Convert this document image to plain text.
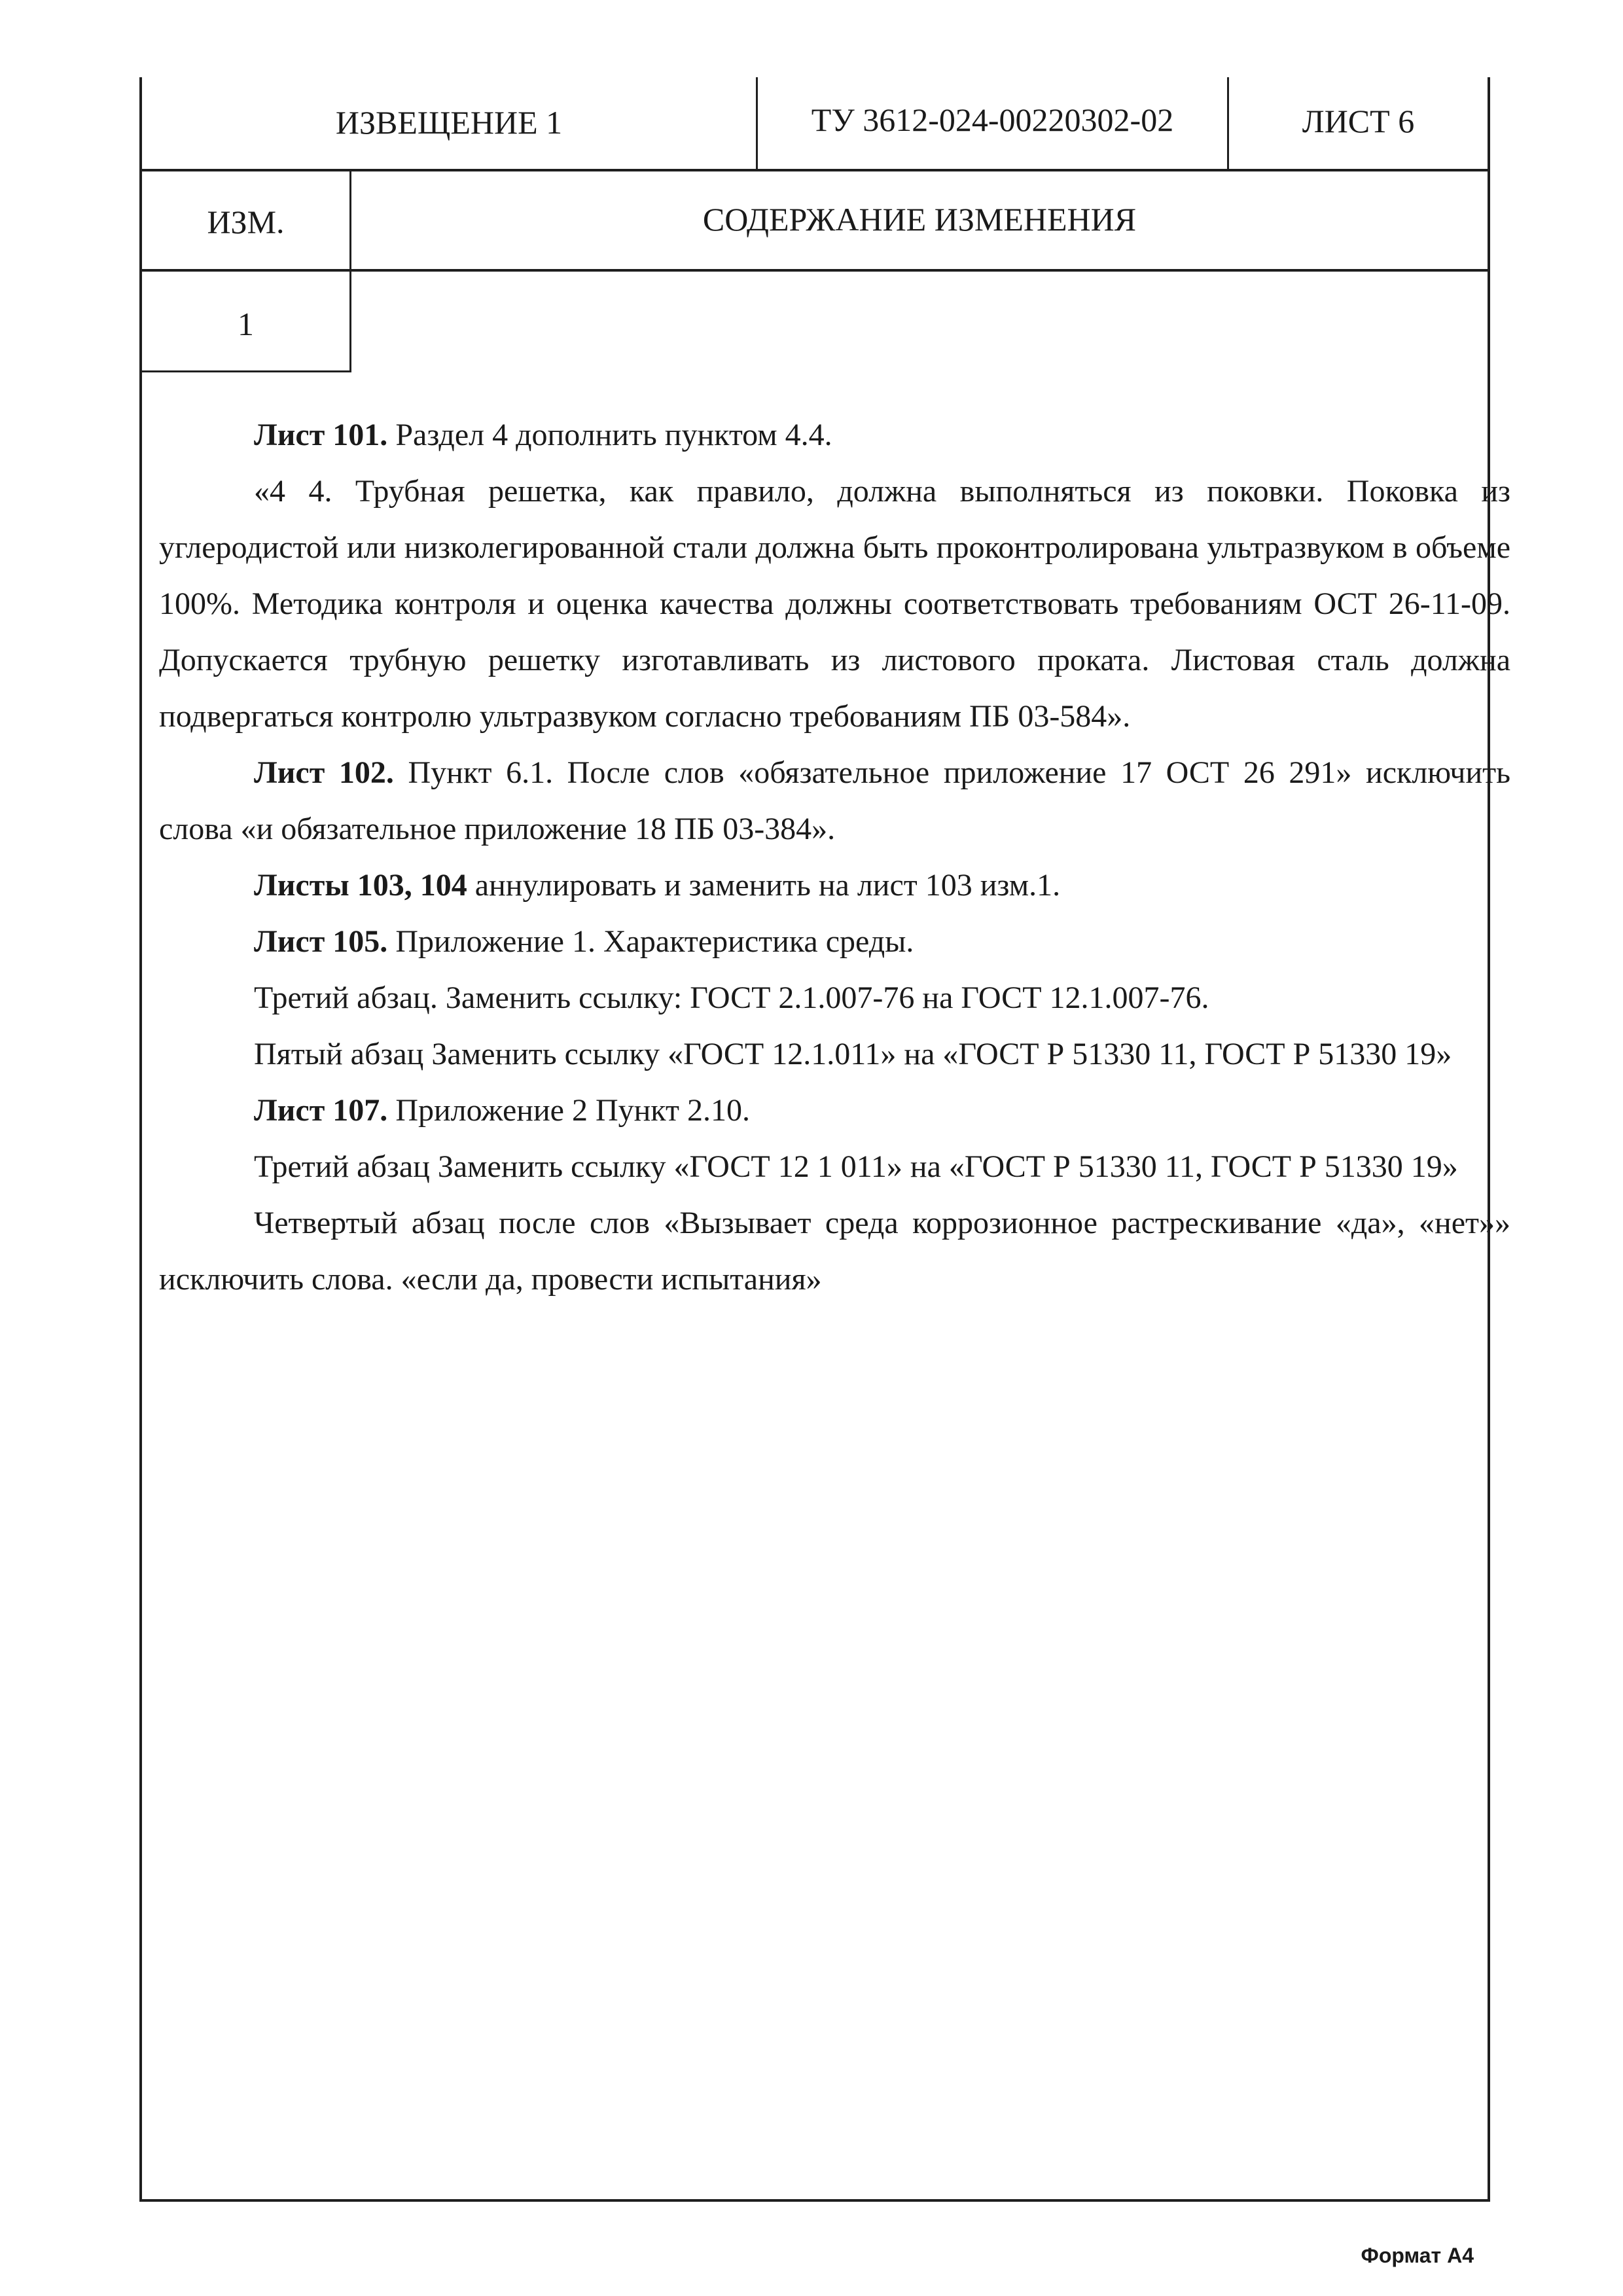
ИЗВЕЩЕНИЕ 1	ТУ 3612-024-00220302-02	ЛИСТ 6
ИЗМ.	СОДЕРЖАНИЕ ИЗМЕНЕНИЯ
1

Лист 101. Раздел 4 дополнить пунктом 4.4.

«4 4. Трубная решетка, как правило, должна выполняться из поковки. Поковка из углеродистой или низколегированной стали должна быть проконтролирована ультразвуком в объеме 100%. Методика контроля и оценка качества должны соответствовать требованиям ОСТ 26-11-09. Допускается трубную решетку изготавливать из листового проката. Листовая сталь должна подвергаться контролю ультразвуком согласно требованиям ПБ 03-584».

Лист 102. Пункт 6.1. После слов «обязательное приложение 17 ОСТ 26 291» исключить слова «и обязательное приложение 18 ПБ 03-384».

Листы 103, 104 аннулировать и заменить на лист 103 изм.1.

Лист 105. Приложение 1. Характеристика среды.

Третий абзац. Заменить ссылку: ГОСТ 2.1.007-76 на ГОСТ 12.1.007-76.

Пятый абзац Заменить ссылку «ГОСТ 12.1.011» на «ГОСТ Р 51330 11, ГОСТ Р 51330 19»

Лист 107. Приложение 2 Пункт 2.10.

Третий абзац Заменить ссылку «ГОСТ 12 1 011» на «ГОСТ Р 51330 11, ГОСТ Р 51330 19»

Четвертый абзац после слов «Вызывает среда коррозионное растрескивание «да», «нет»» исключить слова. «если да, провести испытания»

Формат А4
